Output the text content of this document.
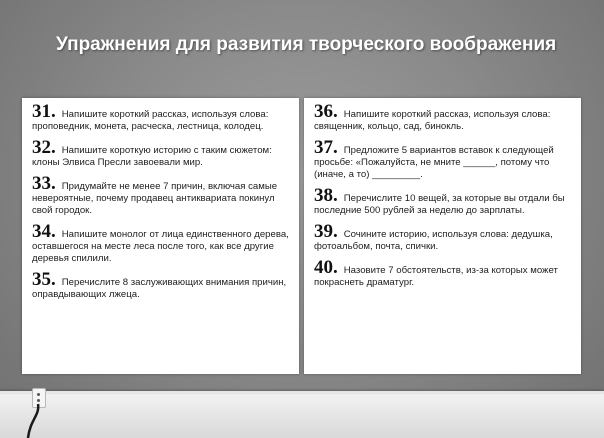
Упражнения для развития творческого воображения
31. Напишите короткий рассказ, используя слова: проповедник, монета, расческа, лестница, колодец.
32. Напишите короткую историю с таким сюжетом: клоны Элвиса Пресли завоевали мир.
33. Придумайте не менее 7 причин, включая самые невероятные, почему продавец антиквариата покинул свой городок.
34. Напишите монолог от лица единственного дерева, оставшегося на месте леса после того, как все другие деревья спилили.
35. Перечислите 8 заслуживающих внимания причин, оправдывающих лжеца.
36. Напишите короткий рассказ, используя слова: священник, кольцо, сад, бинокль.
37. Предложите 5 вариантов вставок к следующей просьбе: «Пожалуйста, не мните ______, потому что (иначе, а то) _________.
38. Перечислите 10 вещей, за которые вы отдали бы последние 500 рублей за неделю до зарплаты.
39. Сочините историю, используя слова: дедушка, фотоальбом, почта, спички.
40. Назовите 7 обстоятельств, из-за которых может покраснеть драматург.
